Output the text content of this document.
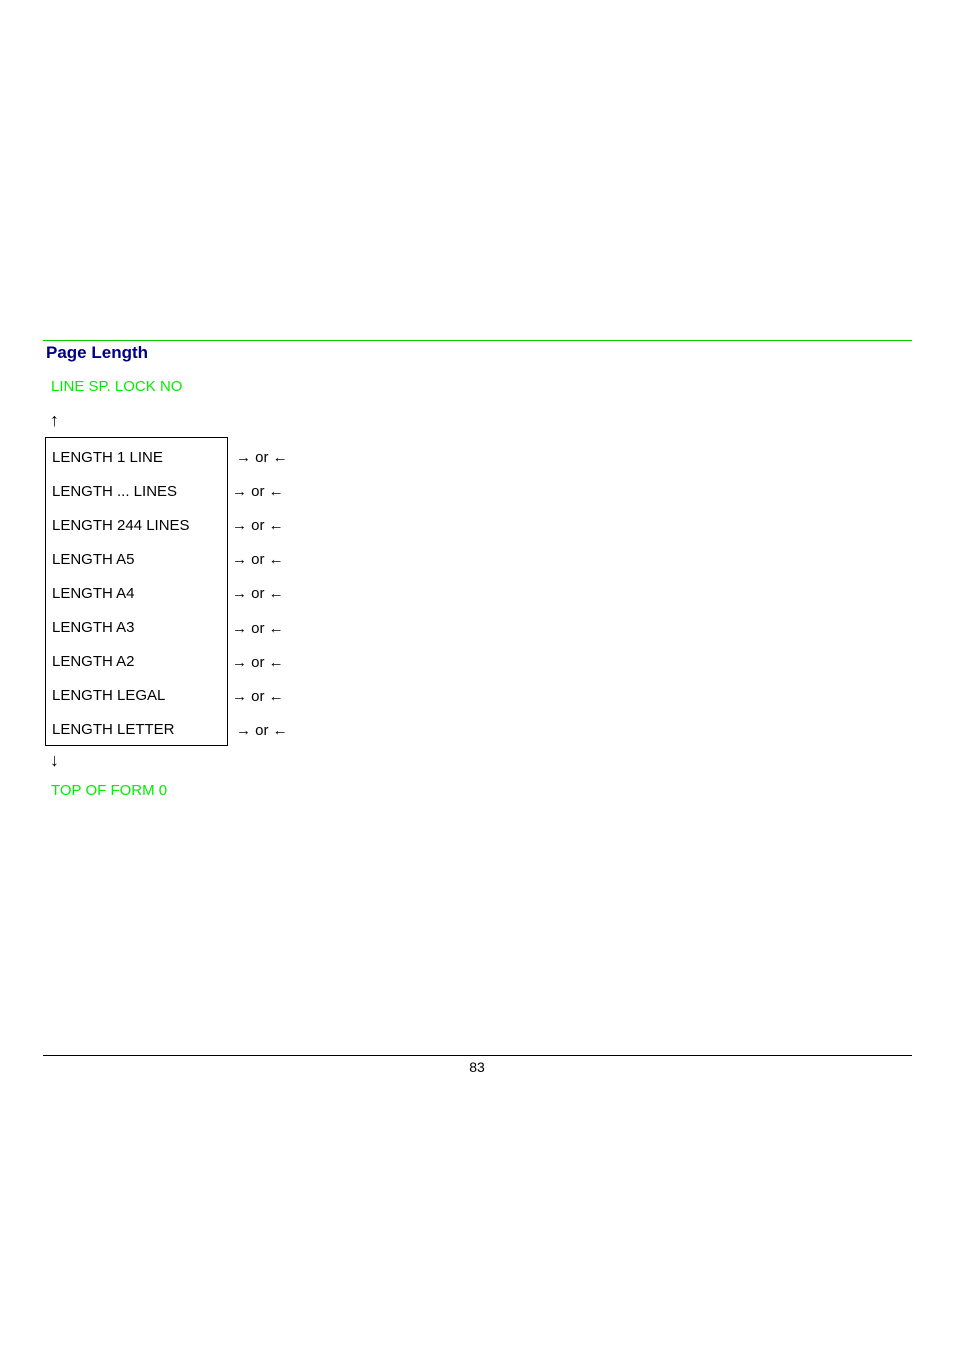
Page Length
LINE SP. LOCK NO
↑
LENGTH 1 LINE
LENGTH ... LINES
LENGTH 244 LINES
LENGTH A5
LENGTH A4
LENGTH A3
LENGTH A2
LENGTH LEGAL
LENGTH LETTER
→ or ←
→ or ←
→ or ←
→ or ←
→ or ←
→ or ←
→ or ←
→ or ←
→ or ←
↓
TOP OF FORM 0
83
